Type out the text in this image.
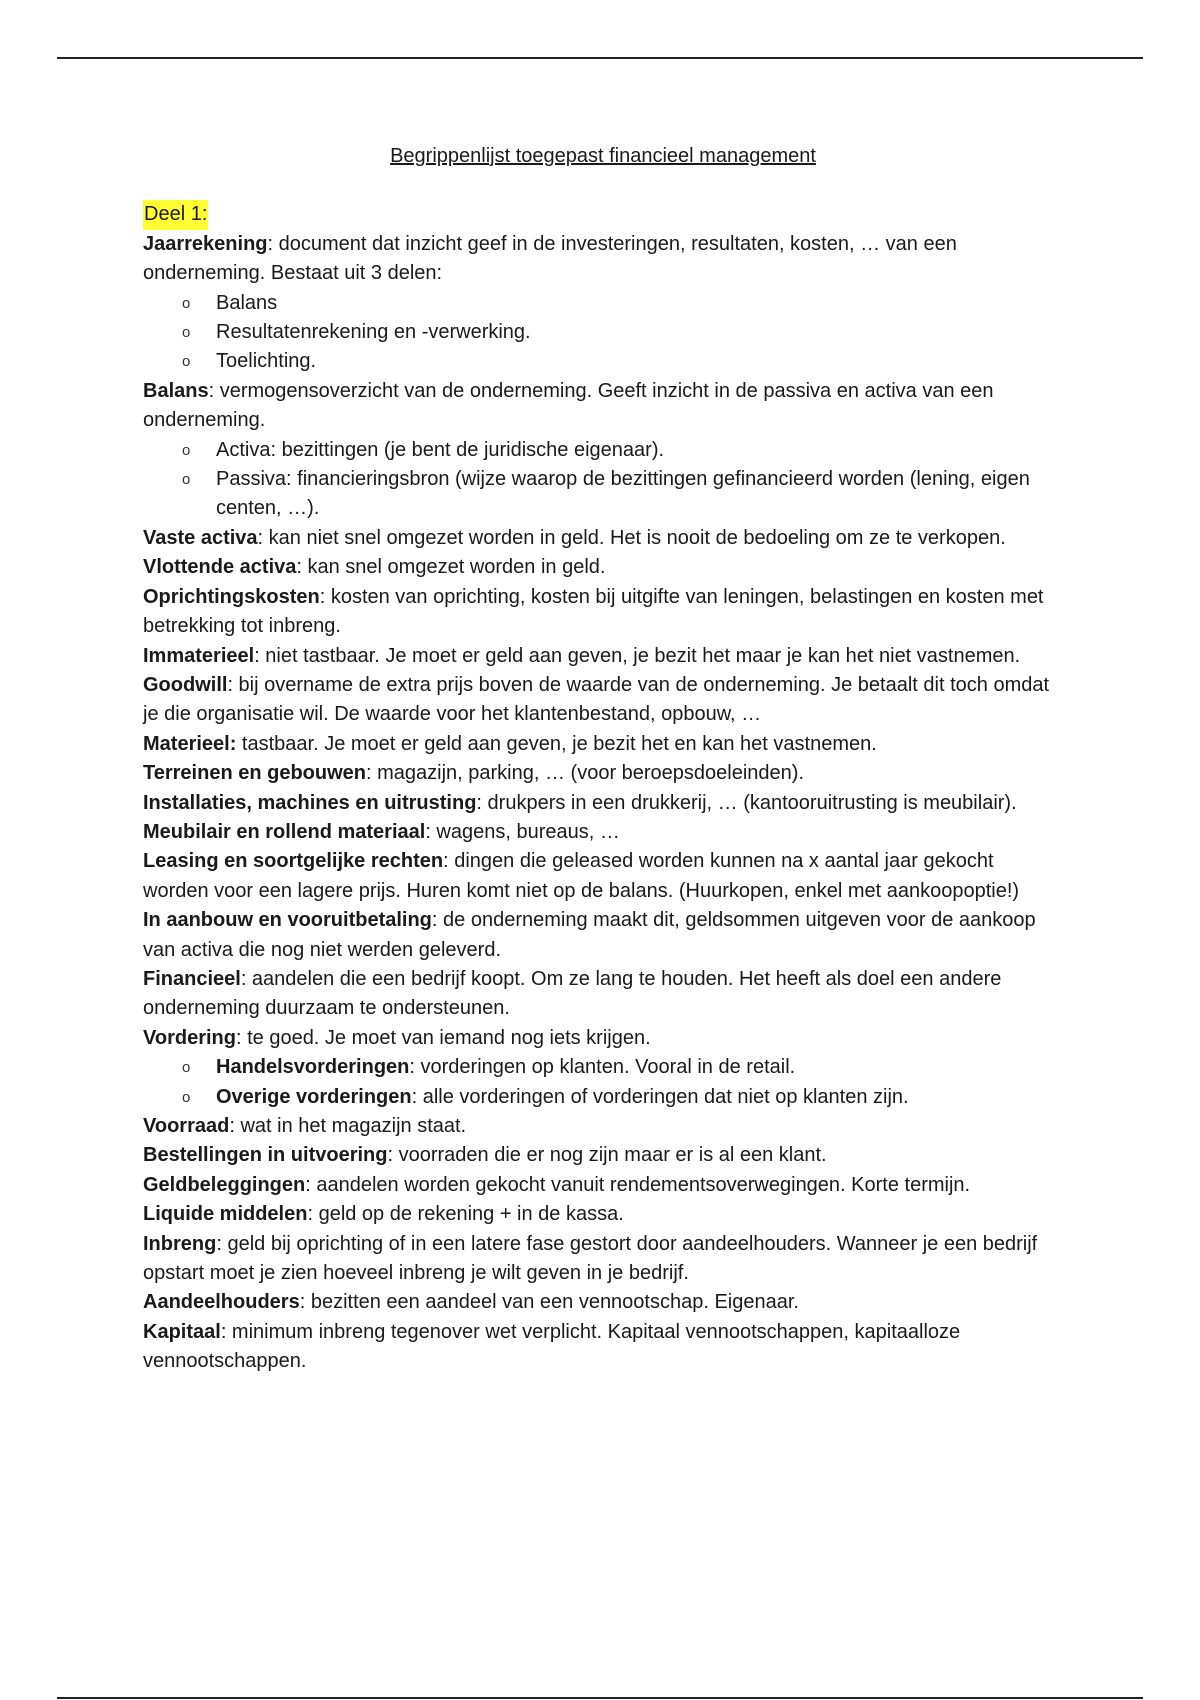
Begrippenlijst toegepast financieel management
Deel 1:

Jaarrekening: document dat inzicht geef in de investeringen, resultaten, kosten, … van een onderneming. Bestaat uit 3 delen:

o Balans
o Resultatenrekening en -verwerking.
o Toelichting.

Balans: vermogensoverzicht van de onderneming. Geeft inzicht in de passiva en activa van een onderneming.

o Activa: bezittingen (je bent de juridische eigenaar).
o Passiva: financieringsbron (wijze waarop de bezittingen gefinancieerd worden (lening, eigen centen, …).

Vaste activa: kan niet snel omgezet worden in geld. Het is nooit de bedoeling om ze te verkopen.

Vlottende activa: kan snel omgezet worden in geld.

Oprichtingskosten: kosten van oprichting, kosten bij uitgifte van leningen, belastingen en kosten met betrekking tot inbreng.

Immaterieel: niet tastbaar. Je moet er geld aan geven, je bezit het maar je kan het niet vastnemen.

Goodwill: bij overname de extra prijs boven de waarde van de onderneming. Je betaalt dit toch omdat je die organisatie wil. De waarde voor het klantenbestand, opbouw, …

Materieel: tastbaar. Je moet er geld aan geven, je bezit het en kan het vastnemen.

Terreinen en gebouwen: magazijn, parking, … (voor beroepsdoeleinden).

Installaties, machines en uitrusting: drukpers in een drukkerij, … (kantooruitrusting is meubilair).

Meubilair en rollend materiaal: wagens, bureaus, …

Leasing en soortgelijke rechten: dingen die geleased worden kunnen na x aantal jaar gekocht worden voor een lagere prijs. Huren komt niet op de balans. (Huurkopen, enkel met aankoopoptie!)

In aanbouw en vooruitbetaling: de onderneming maakt dit, geldsommen uitgeven voor de aankoop van activa die nog niet werden geleverd.

Financieel: aandelen die een bedrijf koopt. Om ze lang te houden. Het heeft als doel een andere onderneming duurzaam te ondersteunen.

Vordering: te goed. Je moet van iemand nog iets krijgen.

o Handelsvorderingen: vorderingen op klanten. Vooral in de retail.
o Overige vorderingen: alle vorderingen of vorderingen dat niet op klanten zijn.

Voorraad: wat in het magazijn staat.

Bestellingen in uitvoering: voorraden die er nog zijn maar er is al een klant.

Geldbeleggingen: aandelen worden gekocht vanuit rendementsoverwegingen. Korte termijn.

Liquide middelen: geld op de rekening + in de kassa.

Inbreng: geld bij oprichting of in een latere fase gestort door aandeelhouders. Wanneer je een bedrijf opstart moet je zien hoeveel inbreng je wilt geven in je bedrijf.

Aandeelhouders: bezitten een aandeel van een vennootschap. Eigenaar.

Kapitaal: minimum inbreng tegenover wet verplicht. Kapitaal vennootschappen, kapitaalloze vennootschappen.
